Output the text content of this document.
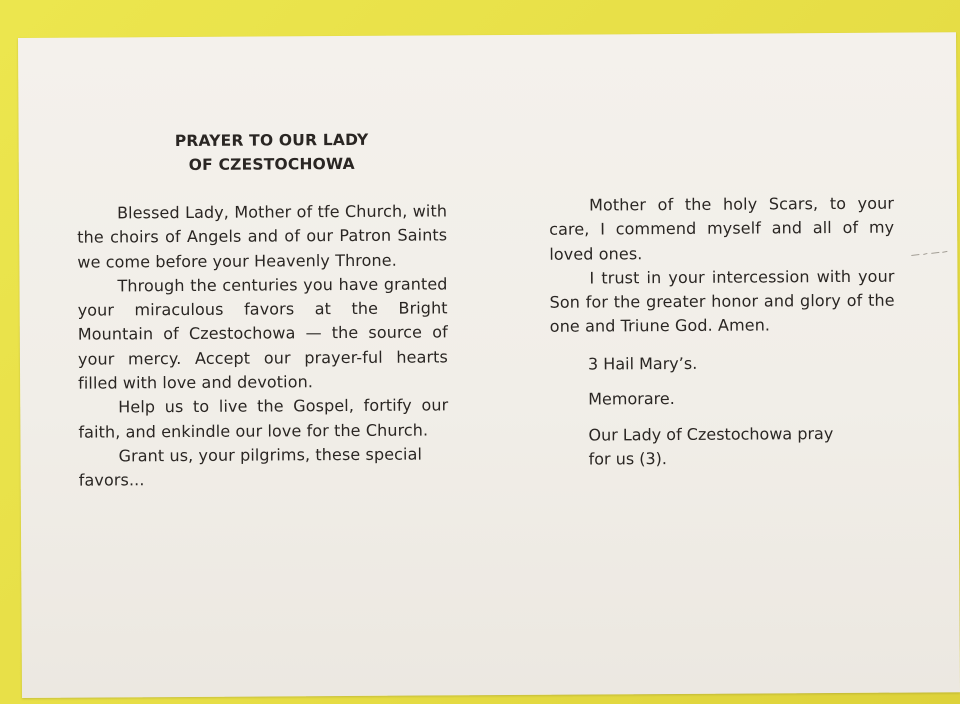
PRAYER TO OUR LADY
OF CZESTOCHOWA

Blessed Lady, Mother of tfe Church, with the choirs of Angels and of our Patron Saints we come before your Heavenly Throne.

Through the centuries you have granted your miraculous favors at the Bright Mountain of Czestochowa — the source of your mercy. Accept our prayer-ful hearts filled with love and devotion.

Help us to live the Gospel, fortify our faith, and enkindle our love for the Church.

Grant us, your pilgrims, these special favors...

Mother of the holy Scars, to your care, I commend myself and all of my loved ones.

I trust in your intercession with your Son for the greater honor and glory of the one and Triune God. Amen.

3 Hail Mary’s.

Memorare.

Our Lady of Czestochowa pray for us (3).
